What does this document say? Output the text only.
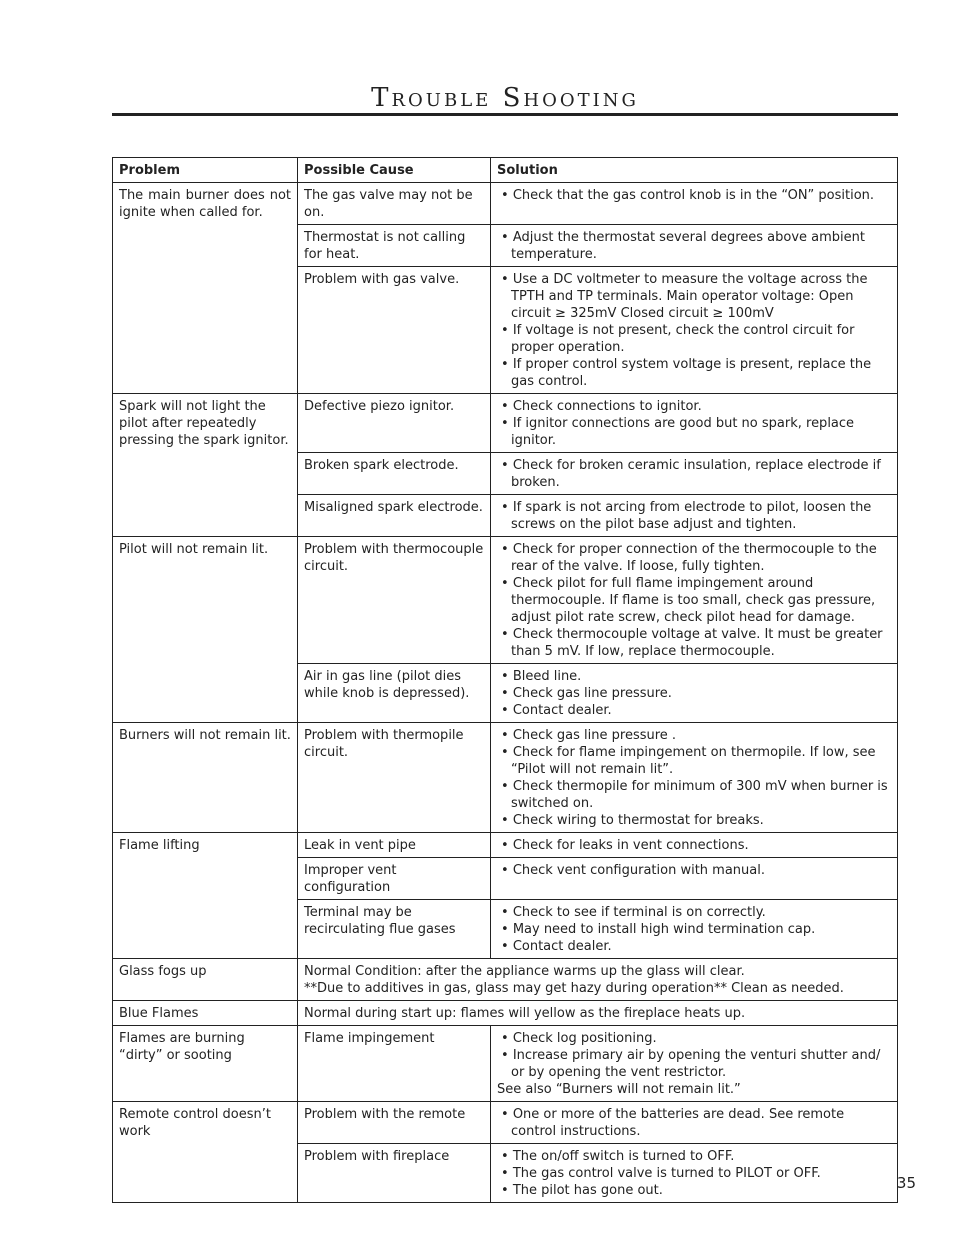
Trouble Shooting
Problem	Possible Cause	Solution
The main burner does not ignite when called for.	The gas valve may not be on.	• Check that the gas control knob is in the “ON” position.

	Thermostat is not calling for heat.	• Adjust the thermostat several degrees above ambient temperature.

	Problem with gas valve.	• Use a DC voltmeter to measure the voltage across the TPTH and TP terminals. Main operator voltage: Open circuit ≥ 325mV Closed circuit ≥ 100mV
• If voltage is not present, check the control circuit for proper operation.
• If proper control system voltage is present, replace the gas control.

Spark will not light the pilot after repeatedly pressing the spark ignitor.	Defective piezo ignitor.	• Check connections to ignitor.
• If ignitor connections are good but no spark, replace ignitor.

	Broken spark electrode.	• Check for broken ceramic insulation, replace electrode if broken.

	Misaligned spark electrode.	• If spark is not arcing from electrode to pilot, loosen the screws on the pilot base adjust and tighten.

Pilot will not remain lit.	Problem with thermocouple circuit.	• Check for proper connection of the thermocouple to the rear of the valve. If loose, fully tighten.
• Check pilot for full flame impingement around thermocouple. If flame is too small, check gas pressure, adjust pilot rate screw, check pilot head for damage.
• Check thermocouple voltage at valve. It must be greater than 5 mV. If low, replace thermocouple.

	Air in gas line (pilot dies while knob is depressed).	• Bleed line.
• Check gas line pressure.
• Contact dealer.

Burners will not remain lit.	Problem with thermopile circuit.	• Check gas line pressure .
• Check for flame impingement on thermopile. If low, see “Pilot will not remain lit”.
• Check thermopile for minimum of 300 mV when burner is switched on.
• Check wiring to thermostat for breaks.

Flame lifting	Leak in vent pipe	• Check for leaks in vent connections.

	Improper vent configuration	• Check vent configuration with manual.

	Terminal may be recirculating flue gases	• Check to see if terminal is on correctly.
• May need to install high wind termination cap.
• Contact dealer.

Glass fogs up	Normal Condition: after the appliance warms up the glass will clear.
**Due to additives in gas, glass may get hazy during operation** Clean as needed.	

Blue Flames	Normal during start up: flames will yellow as the fireplace heats up.	

Flames are burning “dirty” or sooting	Flame impingement	• Check log positioning.
• Increase primary air by opening the venturi shutter and/ or by opening the vent restrictor.
See also “Burners will not remain lit.”

Remote control doesn’t work	Problem with the remote	• One or more of the batteries are dead. See remote control instructions.

	Problem with fireplace	• The on/off switch is turned to OFF.
• The gas control valve is turned to PILOT or OFF.
• The pilot has gone out.	35
